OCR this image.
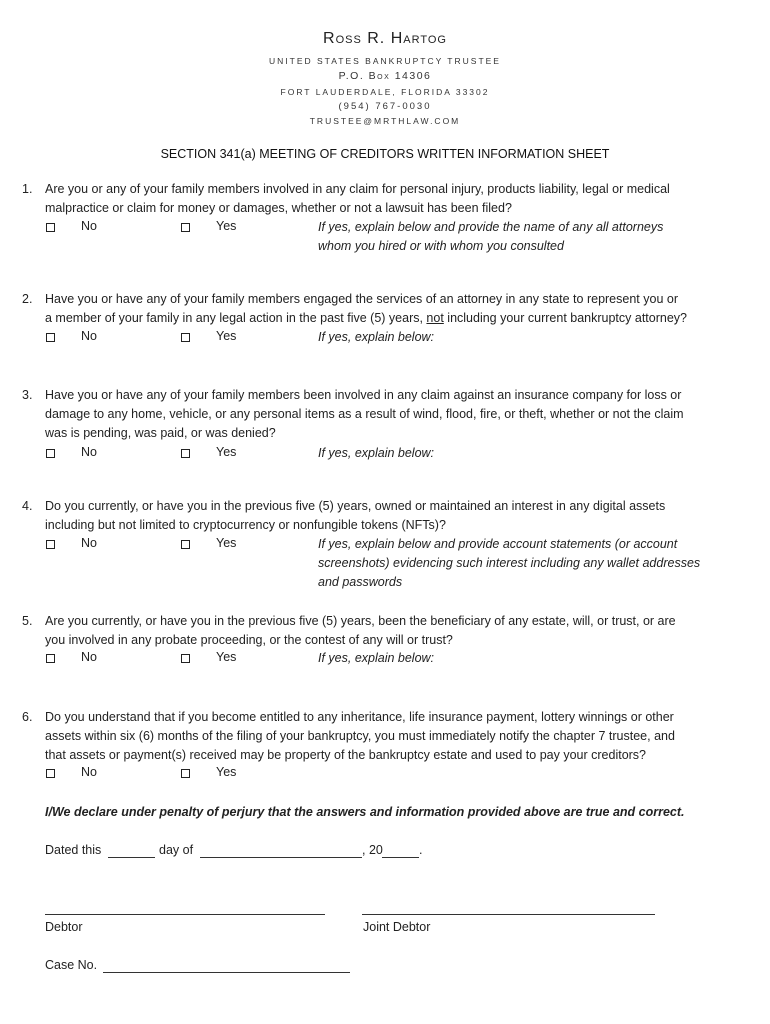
Ross R. Hartog
UNITED STATES BANKRUPTCY TRUSTEE
P.O. Box 14306
FORT LAUDERDALE, FLORIDA 33302
(954) 767-0030
TRUSTEE@MRTHLAW.COM
SECTION 341(a) MEETING OF CREDITORS WRITTEN INFORMATION SHEET
1. Are you or any of your family members involved in any claim for personal injury, products liability, legal or medical
malpractice or claim for money or damages, whether or not a lawsuit has been filed?
No	Yes	If yes, explain below and provide the name of any all attorneys
whom you hired or with whom you consulted
2. Have you or have any of your family members engaged the services of an attorney in any state to represent you or
a member of your family in any legal action in the past five (5) years, not including your current bankruptcy attorney?
No	Yes	If yes, explain below:
3. Have you or have any of your family members been involved in any claim against an insurance company for loss or
damage to any home, vehicle, or any personal items as a result of wind, flood, fire, or theft, whether or not the claim
was is pending, was paid, or was denied?
No	Yes	If yes, explain below:
4. Do you currently, or have you in the previous five (5) years, owned or maintained an interest in any digital assets
including but not limited to cryptocurrency or nonfungible tokens (NFTs)?
No	Yes	If yes, explain below and provide account statements (or account
screenshots) evidencing such interest including any wallet addresses
and passwords
5. Are you currently, or have you in the previous five (5) years, been the beneficiary of any estate, will, or trust, or are
you involved in any probate proceeding, or the contest of any will or trust?
No	Yes	If yes, explain below:
6. Do you understand that if you become entitled to any inheritance, life insurance payment, lottery winnings or other
assets within six (6) months of the filing of your bankruptcy, you must immediately notify the chapter 7 trustee, and
that assets or payment(s) received may be property of the bankruptcy estate and used to pay your creditors?
No	Yes
I/We declare under penalty of perjury that the answers and information provided above are true and correct.
Dated this	day of	, 20	.
Debtor	Joint Debtor
Case No.
